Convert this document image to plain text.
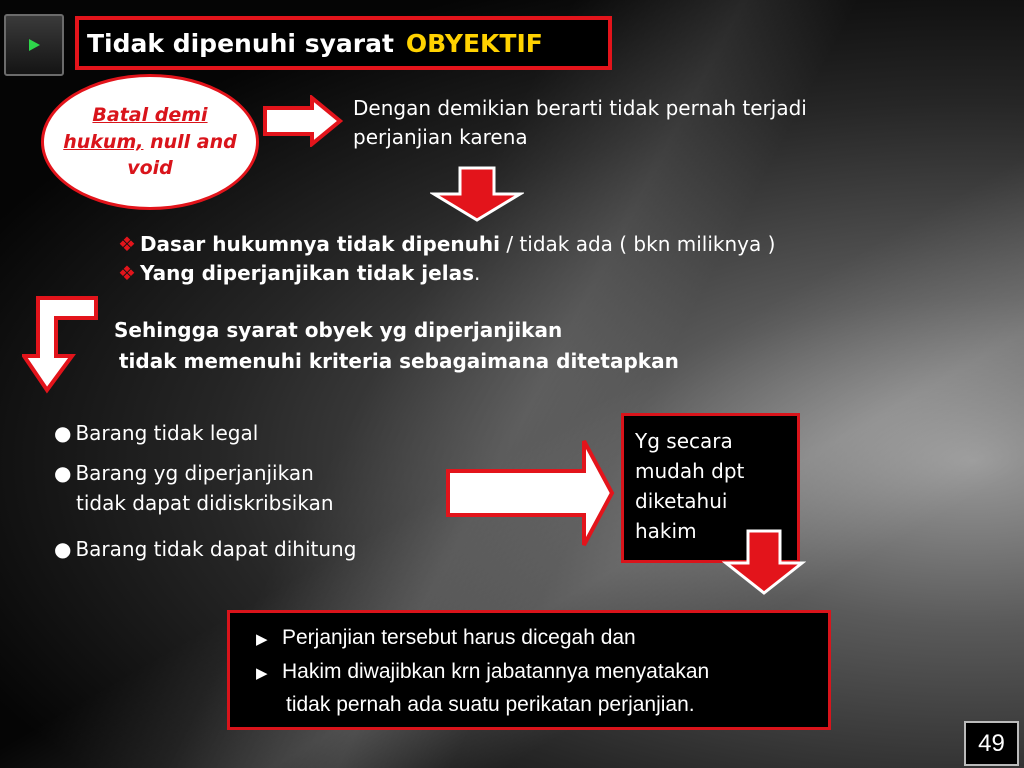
Tidak dipenuhi syarat OBYEKTIF
Batal demi
hukum, null and
void
Dengan demikian berarti tidak pernah terjadi
perjanjian karena
❖ Dasar hukumnya tidak dipenuhi / tidak ada ( bkn miliknya )
❖ Yang diperjanjikan tidak jelas.
Sehingga syarat obyek yg diperjanjikan
tidak memenuhi kriteria sebagaimana ditetapkan
● Barang tidak legal
● Barang yg diperjanjikan
tidak dapat didiskribsikan
● Barang tidak dapat dihitung
Yg secara
mudah dpt
diketahui
hakim
▶ Perjanjian tersebut harus dicegah dan
▶ Hakim diwajibkan krn jabatannya menyatakan
tidak pernah ada suatu perikatan perjanjian.
49
